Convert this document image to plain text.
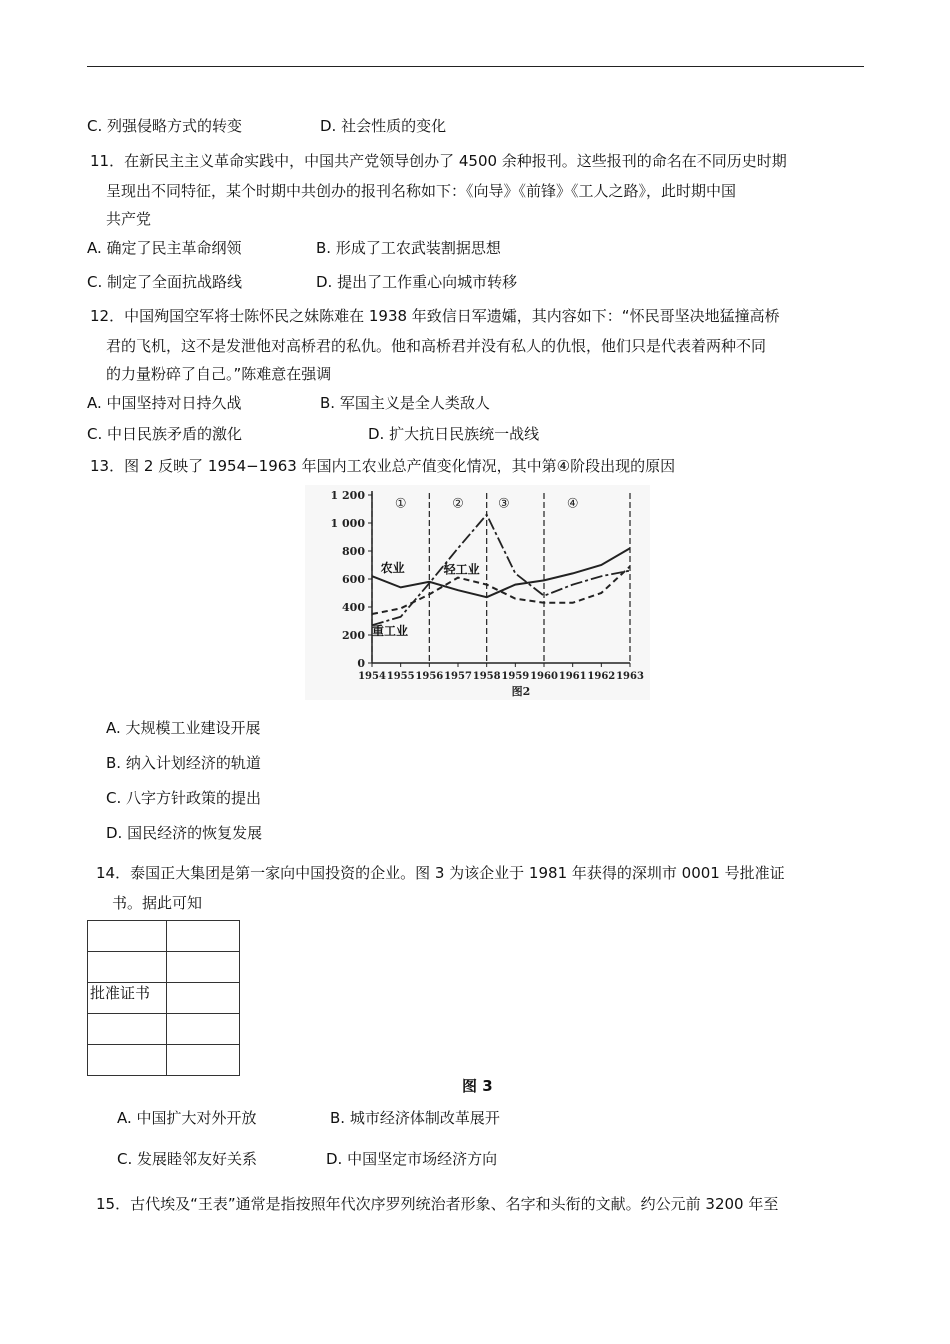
C. 列强侵略方式的转变	D. 社会性质的变化
11．在新民主主义革命实践中，中国共产党领导创办了 4500 余种报刊。这些报刊的命名在不同历史时期
呈现出不同特征，某个时期中共创办的报刊名称如下：《向导》《前锋》《工人之路》，此时期中国
共产党
A. 确定了民主革命纲领	B. 形成了工农武装割据思想
C. 制定了全面抗战路线	D. 提出了工作重心向城市转移
12．中国殉国空军将士陈怀民之妹陈难在 1938 年致信日军遗孀，其内容如下：“怀民哥坚决地猛撞高桥
君的飞机，这不是发泄他对高桥君的私仇。他和高桥君并没有私人的仇恨，他们只是代表着两种不同
的力量粉碎了自己。”陈难意在强调
A. 中国坚持对日持久战	B. 军国主义是全人类敌人
C. 中日民族矛盾的激化	D. 扩大抗日民族统一战线
13．图 2 反映了 1954−1963 年国内工农业总产值变化情况，其中第④阶段出现的原因
0
200
400
600
800
1 000
1 200
1954 1955 1956 1957 1958 1959 1960 1961 1962 1963
①	②	③	④
农业	轻工业
重工业
图2
A. 大规模工业建设开展
B. 纳入计划经济的轨道
C. 八字方针政策的提出
D. 国民经济的恢复发展
14．泰国正大集团是第一家向中国投资的企业。图 3 为该企业于 1981 年获得的深圳市 0001 号批准证
书。据此可知

批准证书	

图 3
A. 中国扩大对外开放	B. 城市经济体制改革展开
C. 发展睦邻友好关系	D. 中国坚定市场经济方向
15．古代埃及“王表”通常是指按照年代次序罗列统治者形象、名字和头衔的文献。约公元前 3200 年至
